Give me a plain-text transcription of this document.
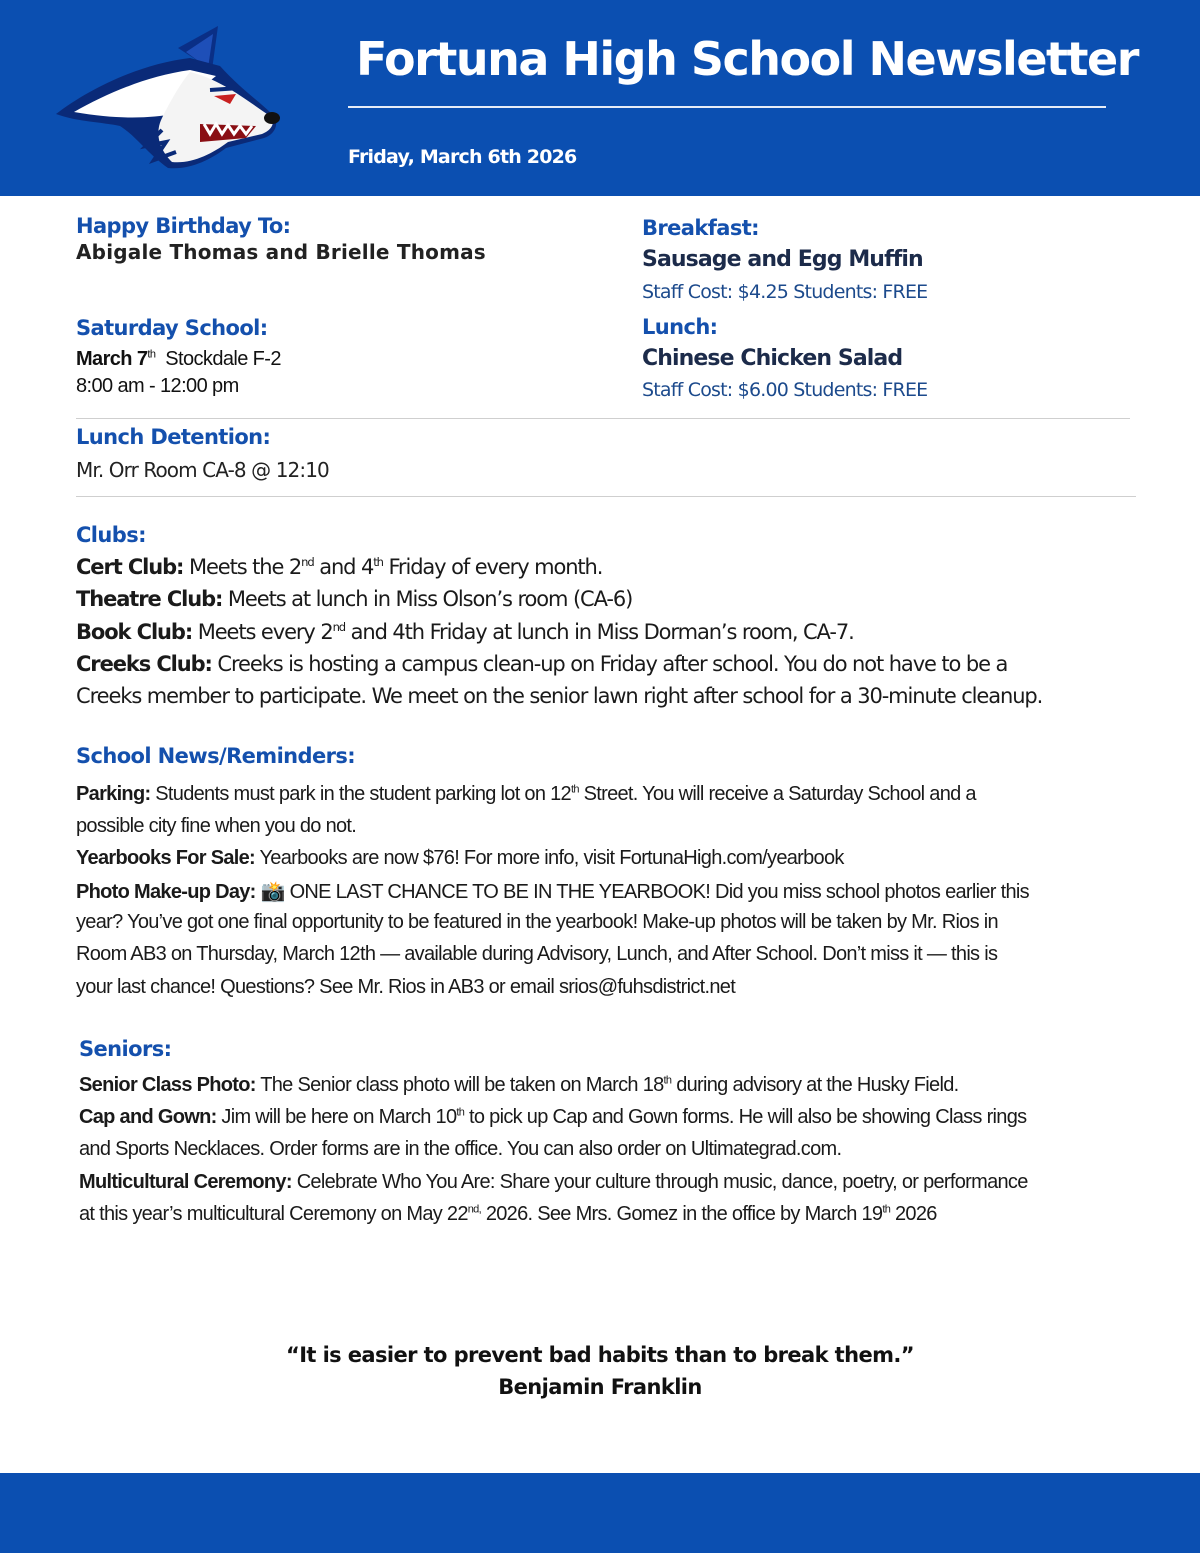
Fortuna High School Newsletter
Friday, March 6th 2026
Happy Birthday To:
Abigale Thomas and Brielle Thomas
Saturday School:
March 7th Stockdale F-2
8:00 am - 12:00 pm
Breakfast:
Sausage and Egg Muffin
Staff Cost: $4.25 Students: FREE
Lunch:
Chinese Chicken Salad
Staff Cost: $6.00 Students: FREE
Lunch Detention:
Mr. Orr Room CA-8 @ 12:10
Clubs:
Cert Club: Meets the 2nd and 4th Friday of every month.
Theatre Club: Meets at lunch in Miss Olson’s room (CA-6)
Book Club: Meets every 2nd and 4th Friday at lunch in Miss Dorman’s room, CA-7.
Creeks Club: Creeks is hosting a campus clean-up on Friday after school. You do not have to be a
Creeks member to participate. We meet on the senior lawn right after school for a 30-minute cleanup.
School News/Reminders:
Parking: Students must park in the student parking lot on 12th Street. You will receive a Saturday School and a
possible city fine when you do not.
Yearbooks For Sale: Yearbooks are now $76! For more info, visit FortunaHigh.com/yearbook
Photo Make-up Day: 📸 ONE LAST CHANCE TO BE IN THE YEARBOOK! Did you miss school photos earlier this
year? You’ve got one final opportunity to be featured in the yearbook! Make-up photos will be taken by Mr. Rios in
Room AB3 on Thursday, March 12th — available during Advisory, Lunch, and After School. Don’t miss it — this is
your last chance! Questions? See Mr. Rios in AB3 or email srios@fuhsdistrict.net
Seniors:
Senior Class Photo: The Senior class photo will be taken on March 18th during advisory at the Husky Field.
Cap and Gown: Jim will be here on March 10th to pick up Cap and Gown forms. He will also be showing Class rings
and Sports Necklaces. Order forms are in the office. You can also order on Ultimategrad.com.
Multicultural Ceremony: Celebrate Who You Are: Share your culture through music, dance, poetry, or performance
at this year’s multicultural Ceremony on May $22^{nd,}$ 2026. See Mrs. Gomez in the office by March 19th 2026
“It is easier to prevent bad habits than to break them.”
Benjamin Franklin
